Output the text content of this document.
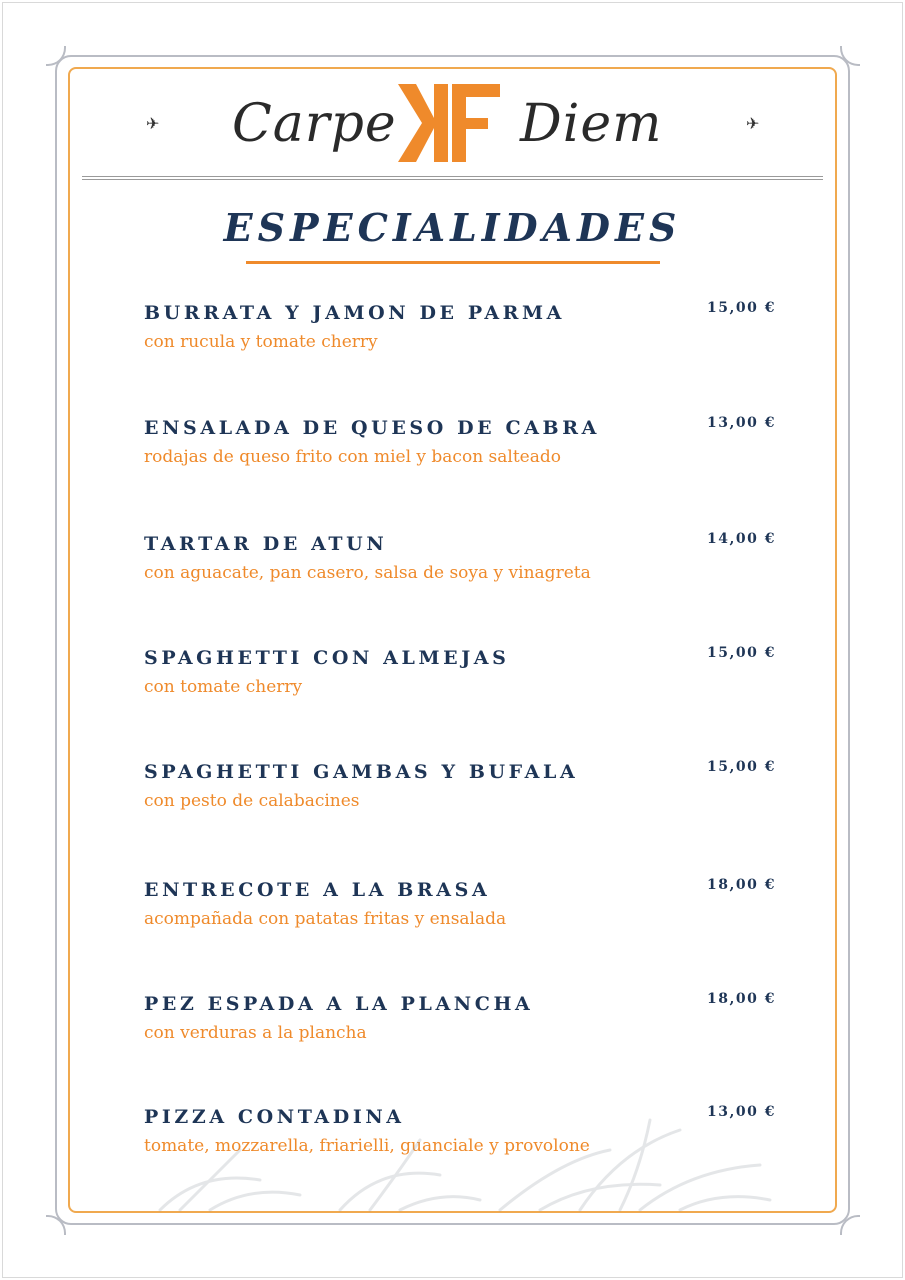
✈ Carpe Diem	✈
ESPECIALIDADES
BURRATA Y JAMON DE PARMA
con rucula y tomate cherry
15,00 €
ENSALADA DE QUESO DE CABRA
rodajas de queso frito con miel y bacon salteado
13,00 €
TARTAR DE ATUN
con aguacate, pan casero, salsa de soya y vinagreta
14,00 €
SPAGHETTI CON ALMEJAS
con tomate cherry
15,00 €
SPAGHETTI GAMBAS Y BUFALA
con pesto de calabacines
15,00 €
ENTRECOTE A LA BRASA
acompañada con patatas fritas y ensalada
18,00 €
PEZ ESPADA A LA PLANCHA
con verduras a la plancha
18,00 €
PIZZA CONTADINA
tomate, mozzarella, friarielli, guanciale y provolone
13,00 €
